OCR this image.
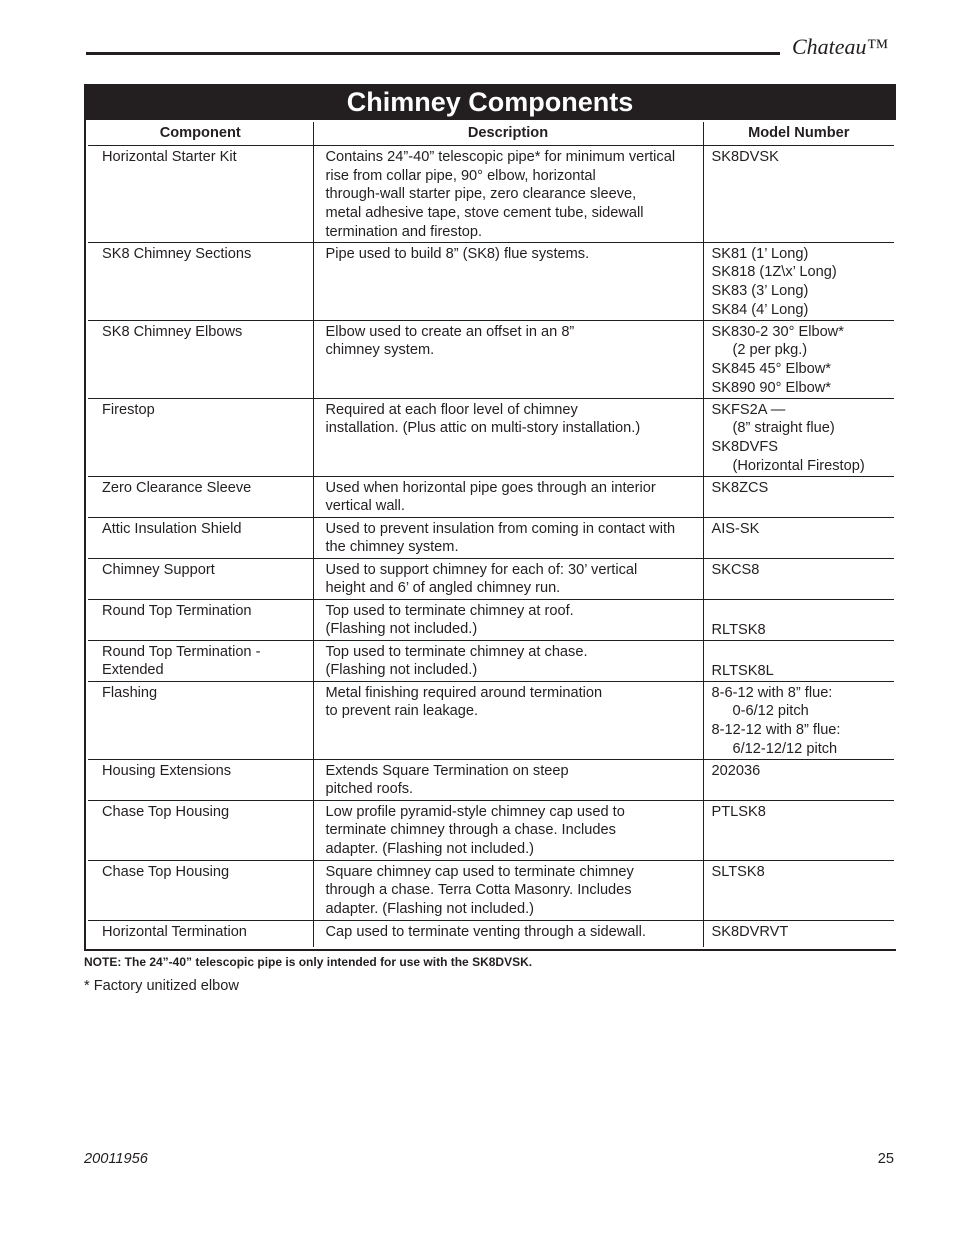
Chateau™
Chimney Components
Component	Description	Model Number

Horizontal Starter Kit	Contains 24”-40” telescopic pipe* for minimum vertical
rise from collar pipe, 90° elbow, horizontal
through-wall starter pipe, zero clearance sleeve,
metal adhesive tape, stove cement tube, sidewall
termination and firestop.	SK8DVSK

SK8 Chimney Sections	Pipe used to build 8” (SK8) flue systems.	SK81 (1’ Long)
SK818 (1Z\x’ Long)
SK83 (3’ Long)
SK84 (4’ Long)

SK8 Chimney Elbows	Elbow used to create an offset in an 8”
chimney system.	SK830-2 30° Elbow*
(2 per pkg.)
SK845 45° Elbow*
SK890 90° Elbow*

Firestop	Required at each floor level of chimney
installation. (Plus attic on multi-story installation.)	SKFS2A —
(8” straight flue)
SK8DVFS
(Horizontal Firestop)

Zero Clearance Sleeve	Used when horizontal pipe goes through an interior
vertical wall.	SK8ZCS

Attic Insulation Shield	Used to prevent insulation from coming in contact with
the chimney system.	AIS-SK

Chimney Support	Used to support chimney for each of: 30’ vertical
height and 6’ of angled chimney run.	SKCS8

Round Top Termination	Top used to terminate chimney at roof.
(Flashing not included.)	RLTSK8

Round Top Termination -
Extended	Top used to terminate chimney at chase.
(Flashing not included.)	RLTSK8L

Flashing	Metal finishing required around termination
to prevent rain leakage.	8-6-12 with 8” flue:
0-6/12 pitch
8-12-12 with 8” flue:
6/12-12/12 pitch

Housing Extensions	Extends Square Termination on steep
pitched roofs.	202036

Chase Top Housing	Low profile pyramid-style chimney cap used to
terminate chimney through a chase. Includes
adapter. (Flashing not included.)	PTLSK8

Chase Top Housing	Square chimney cap used to terminate chimney
through a chase. Terra Cotta Masonry. Includes
adapter. (Flashing not included.)	SLTSK8

Horizontal Termination	Cap used to terminate venting through a sidewall.	SK8DVRVT
NOTE: The 24”-40” telescopic pipe is only intended for use with the SK8DVSK.
* Factory unitized elbow
20011956	25
